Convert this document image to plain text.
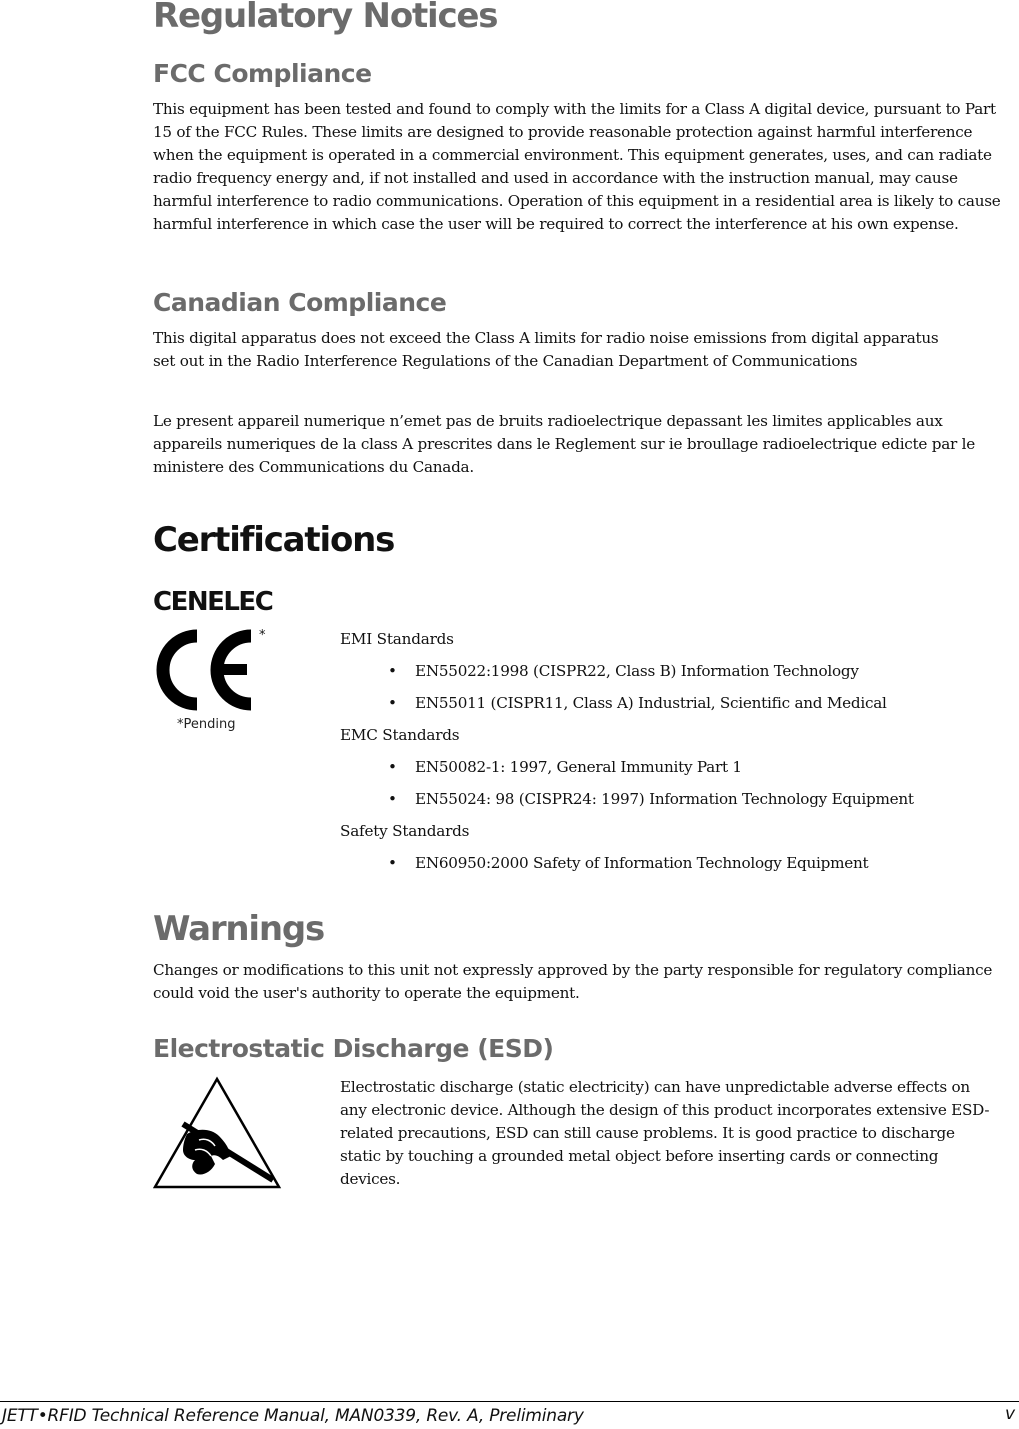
Regulatory Notices
FCC Compliance

This equipment has been tested and found to comply with the limits for a Class A digital device, pursuant to Part 15 of the FCC Rules. These limits are designed to provide reasonable protection against harmful interference when the equipment is operated in a commercial environment. This equipment generates, uses, and can radiate radio frequency energy and, if not installed and used in accordance with the instruction manual, may cause harmful interference to radio communications. Operation of this equipment in a residential area is likely to cause harmful interference in which case the user will be required to correct the interference at his own expense.

Canadian Compliance

This digital apparatus does not exceed the Class A limits for radio noise emissions from digital apparatus set out in the Radio Interference Regulations of the Canadian Department of Communications

Le present appareil numerique n’emet pas de bruits radioelectrique depassant les limites applicables aux appareils numeriques de la class A prescrites dans le Reglement sur ie broullage radioelectrique edicte par le ministere des Communications du Canada.

Certifications
CENELEC
*
*Pending
EMI Standards
• EN55022:1998 (CISPR22, Class B) Information Technology
• EN55011 (CISPR11, Class A) Industrial, Scientific and Medical
EMC Standards
• EN50082-1: 1997, General Immunity Part 1
• EN55024: 98 (CISPR24: 1997) Information Technology Equipment
Safety Standards
• EN60950:2000 Safety of Information Technology Equipment
Warnings

Changes or modifications to this unit not expressly approved by the party responsible for regulatory compliance could void the user's authority to operate the equipment.

Electrostatic Discharge (ESD)

Electrostatic discharge (static electricity) can have unpredictable adverse effects on any electronic device. Although the design of this product incorporates extensive ESD-related precautions, ESD can still cause problems. It is good practice to discharge static by touching a grounded metal object before inserting cards or connecting devices.

JETT•RFID Technical Reference Manual, MAN0339, Rev. A, Preliminary	v
